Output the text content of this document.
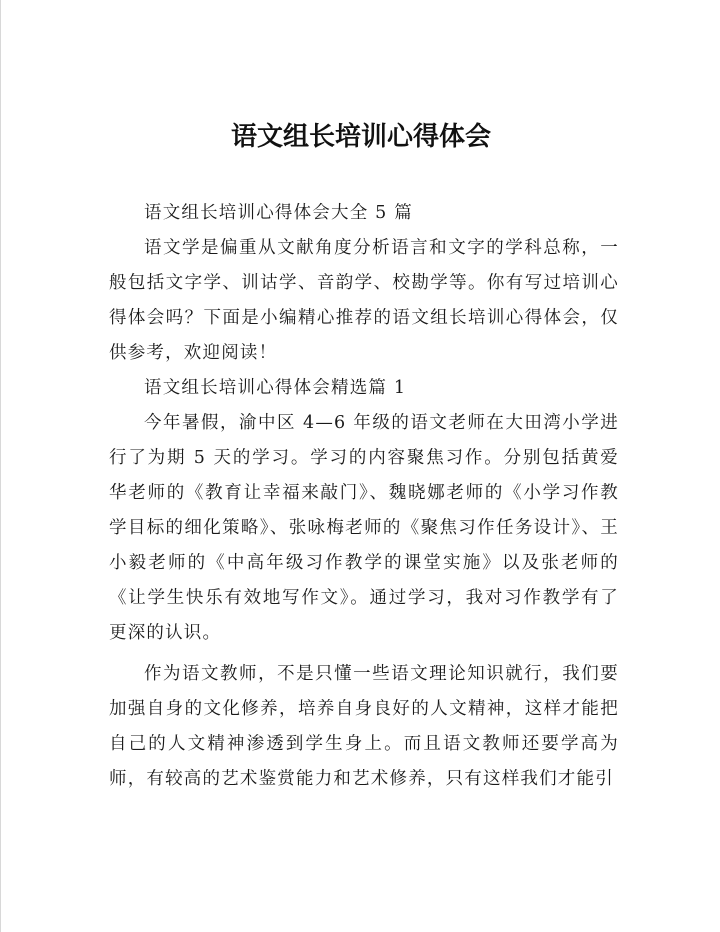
语文组长培训心得体会

语文组长培训心得体会大全 5 篇

语文学是偏重从文献角度分析语言和文字的学科总称，一般包括文字学、训诂学、音韵学、校勘学等。你有写过培训心得体会吗？下面是小编精心推荐的语文组长培训心得体会，仅供参考，欢迎阅读！

语文组长培训心得体会精选篇 1

今年暑假，渝中区 4—6 年级的语文老师在大田湾小学进行了为期 5 天的学习。学习的内容聚焦习作。分别包括黄爱华老师的《教育让幸福来敲门》、魏晓娜老师的《小学习作教学目标的细化策略》、张咏梅老师的《聚焦习作任务设计》、王小毅老师的《中高年级习作教学的课堂实施》以及张老师的《让学生快乐有效地写作文》。通过学习，我对习作教学有了更深的认识。

作为语文教师，不是只懂一些语文理论知识就行，我们要加强自身的文化修养，培养自身良好的人文精神，这样才能把自己的人文精神渗透到学生身上。而且语文教师还要学高为师，有较高的艺术鉴赏能力和艺术修养，只有这样我们才能引
